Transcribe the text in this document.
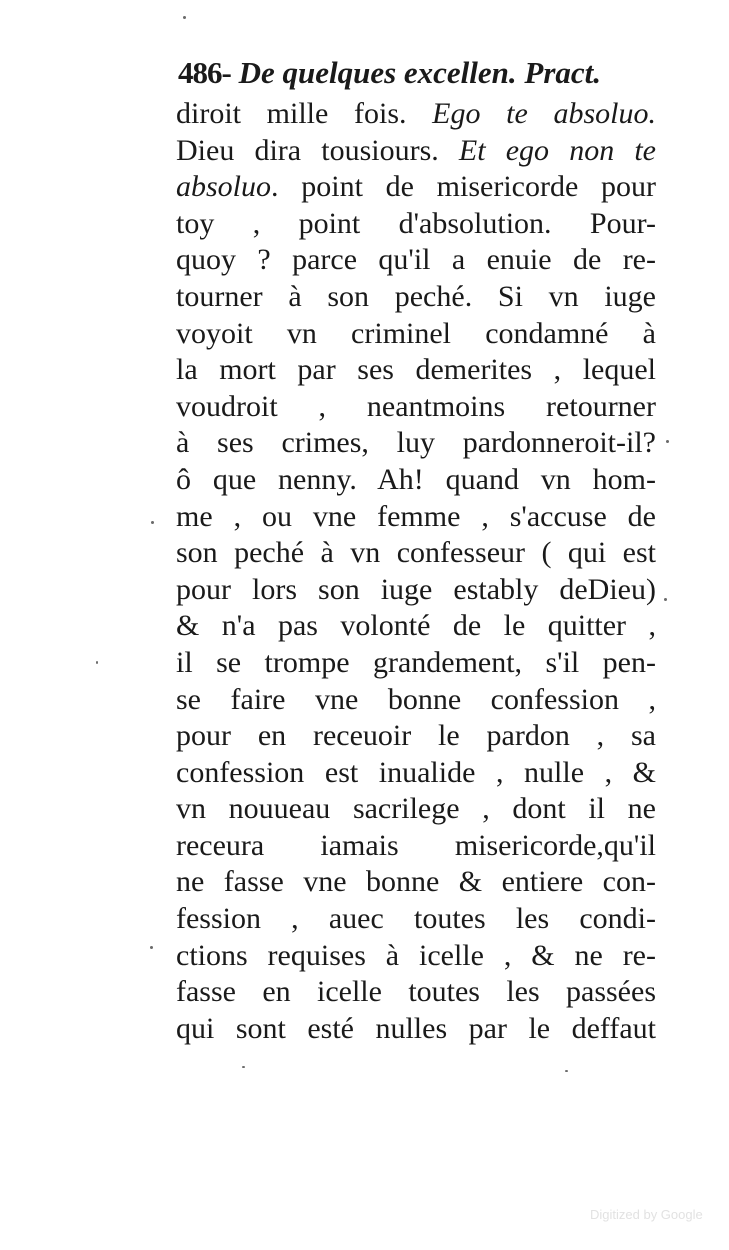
486- De quelques excellen. Pract.
diroit mille fois. Ego te absoluo.
Dieu dira tousiours. Et ego non te
absoluo. point de misericorde pour
toy , point d'absolution. Pour-
quoy ? parce qu'il a enuie de re-
tourner à son peché. Si vn iuge
voyoit vn criminel condamné à
la mort par ses demerites , lequel
voudroit , neantmoins retourner
à ses crimes, luy pardonneroit-il?
ô que nenny. Ah! quand vn hom-
me , ou vne femme , s'accuse de
son peché à vn confesseur ( qui est
pour lors son iuge estably deDieu)
& n'a pas volonté de le quitter ,
il se trompe grandement, s'il pen-
se faire vne bonne confession ,
pour en receuoir le pardon , sa
confession est inualide , nulle , &
vn nouueau sacrilege , dont il ne
receura iamais misericorde,qu'il
ne fasse vne bonne & entiere con-
fession , auec toutes les condi-
ctions requises à icelle , & ne re-
fasse en icelle toutes les passées
qui sont esté nulles par le deffaut
Digitized by Google
